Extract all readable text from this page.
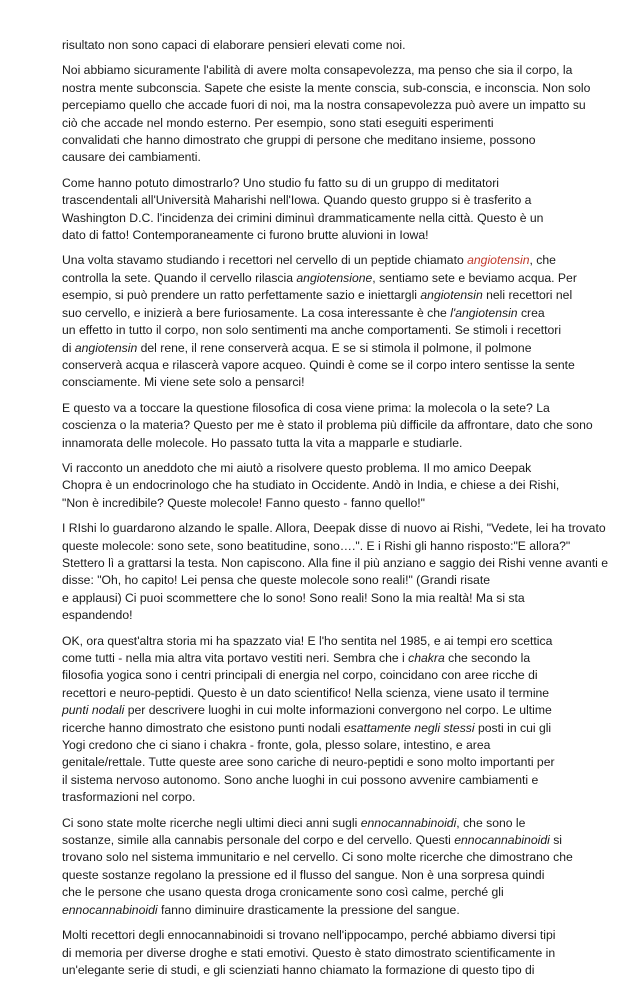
risultato non sono capaci di elaborare pensieri elevati come noi.

Noi abbiamo sicuramente l'abilità di avere molta consapevolezza, ma penso che sia il corpo, la
nostra mente subconscia. Sapete che esiste la mente conscia, sub-conscia, e inconscia. Non solo
percepiamo quello che accade fuori di noi, ma la nostra consapevolezza può avere un impatto su
ciò che accade nel mondo esterno. Per esempio, sono stati eseguiti esperimenti
convalidati che hanno dimostrato che gruppi di persone che meditano insieme, possono
causare dei cambiamenti.

Come hanno potuto dimostrarlo? Uno studio fu fatto su di un gruppo di meditatori
trascendentali all'Università Maharishi nell'Iowa. Quando questo gruppo si è trasferito a
Washington D.C. l'incidenza dei crimini diminuì drammaticamente nella città. Questo è un
dato di fatto! Contemporaneamente ci furono brutte aluvioni in Iowa!

Una volta stavamo studiando i recettori nel cervello di un peptide chiamato angiotensin, che
controlla la sete. Quando il cervello rilascia angiotensione, sentiamo sete e beviamo acqua. Per
esempio, si può prendere un ratto perfettamente sazio e iniettargli angiotensin neli recettori nel
suo cervello, e inizierà a bere furiosamente. La cosa interessante è che l'angiotensin crea
un effetto in tutto il corpo, non solo sentimenti ma anche comportamenti. Se stimoli i recettori
di angiotensin del rene, il rene conserverà acqua. E se si stimola il polmone, il polmone
conserverà acqua e rilascerà vapore acqueo. Quindi è come se il corpo intero sentisse la sente
consciamente. Mi viene sete solo a pensarci!

E questo va a toccare la questione filosofica di cosa viene prima: la molecola o la sete? La
coscienza o la materia? Questo per me è stato il problema più difficile da affrontare, dato che sono
innamorata delle molecole. Ho passato tutta la vita a mapparle e studiarle.

Vi racconto un aneddoto che mi aiutò a risolvere questo problema. Il mo amico Deepak
Chopra è un endocrinologo che ha studiato in Occidente. Andò in India, e chiese a dei Rishi,
"Non è incredibile? Queste molecole! Fanno questo - fanno quello!"

I RIshi lo guardarono alzando le spalle. Allora, Deepak disse di nuovo ai Rishi, "Vedete, lei ha trovato
queste molecole: sono sete, sono beatitudine, sono….". E i Rishi gli hanno risposto:"E allora?"
Stettero lì a grattarsi la testa. Non capiscono. Alla fine il più anziano e saggio dei Rishi venne avanti e
disse: "Oh, ho capito! Lei pensa che queste molecole sono reali!" (Grandi risate
e applausi) Ci puoi scommettere che lo sono! Sono reali! Sono la mia realtà! Ma si sta
espandendo!

OK, ora quest'altra storia mi ha spazzato via! E l'ho sentita nel 1985, e ai tempi ero scettica
come tutti - nella mia altra vita portavo vestiti neri. Sembra che i chakra che secondo la
filosofia yogica sono i centri principali di energia nel corpo, coincidano con aree ricche di
recettori e neuro-peptidi. Questo è un dato scientifico! Nella scienza, viene usato il termine
punti nodali per descrivere luoghi in cui molte informazioni convergono nel corpo. Le ultime
ricerche hanno dimostrato che esistono punti nodali esattamente negli stessi posti in cui gli
Yogi credono che ci siano i chakra - fronte, gola, plesso solare, intestino, e area
genitale/rettale. Tutte queste aree sono cariche di neuro-peptidi e sono molto importanti per
il sistema nervoso autonomo. Sono anche luoghi in cui possono avvenire cambiamenti e
trasformazioni nel corpo.

Ci sono state molte ricerche negli ultimi dieci anni sugli ennocannabinoidi, che sono le
sostanze, simile alla cannabis personale del corpo e del cervello. Questi ennocannabinoidi si
trovano solo nel sistema immunitario e nel cervello. Ci sono molte ricerche che dimostrano che
queste sostanze regolano la pressione ed il flusso del sangue. Non è una sorpresa quindi
che le persone che usano questa droga cronicamente sono così calme, perché gli
ennocannabinoidi fanno diminuire drasticamente la pressione del sangue.

Molti recettori degli ennocannabinoidi si trovano nell'ippocampo, perché abbiamo diversi tipi
di memoria per diverse droghe e stati emotivi. Questo è stato dimostrato scientificamente in
un'elegante serie di studi, e gli scienziati hanno chiamato la formazione di questo tipo di
